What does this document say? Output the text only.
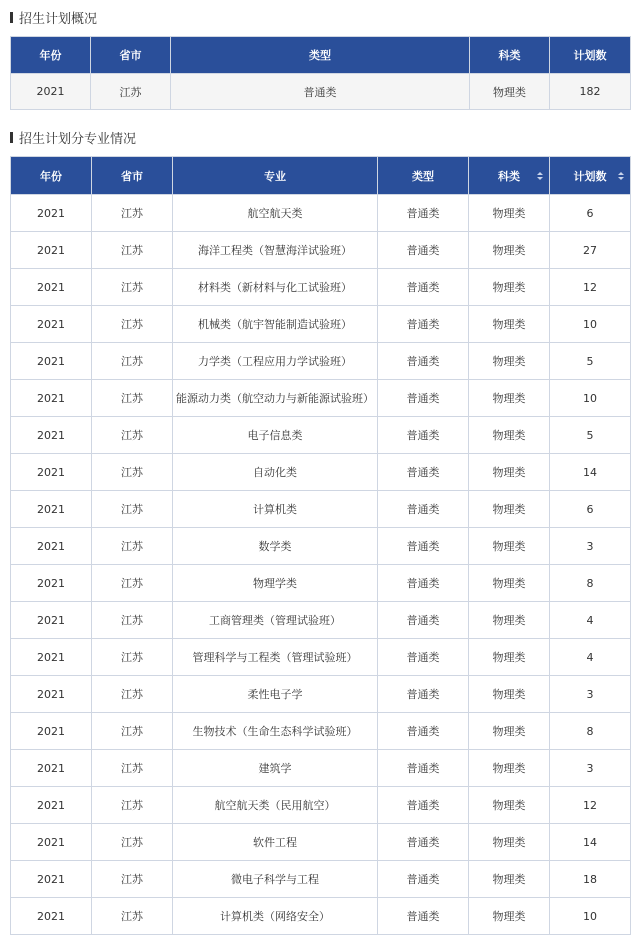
招生计划概况
年份	省市	类型	科类	计划数
2021	江苏	普通类	物理类	182
招生计划分专业情况
年份	省市	专业	类型	科类	计划数

2021	江苏	航空航天类	普通类	物理类	6
2021	江苏	海洋工程类（智慧海洋试验班）	普通类	物理类	27
2021	江苏	材料类（新材料与化工试验班）	普通类	物理类	12
2021	江苏	机械类（航宇智能制造试验班）	普通类	物理类	10
2021	江苏	力学类（工程应用力学试验班）	普通类	物理类	5
2021	江苏	能源动力类（航空动力与新能源试验班）	普通类	物理类	10
2021	江苏	电子信息类	普通类	物理类	5
2021	江苏	自动化类	普通类	物理类	14
2021	江苏	计算机类	普通类	物理类	6
2021	江苏	数学类	普通类	物理类	3
2021	江苏	物理学类	普通类	物理类	8
2021	江苏	工商管理类（管理试验班）	普通类	物理类	4
2021	江苏	管理科学与工程类（管理试验班）	普通类	物理类	4
2021	江苏	柔性电子学	普通类	物理类	3
2021	江苏	生物技术（生命生态科学试验班）	普通类	物理类	8
2021	江苏	建筑学	普通类	物理类	3
2021	江苏	航空航天类（民用航空）	普通类	物理类	12
2021	江苏	软件工程	普通类	物理类	14
2021	江苏	微电子科学与工程	普通类	物理类	18
2021	江苏	计算机类（网络安全）	普通类	物理类	10
